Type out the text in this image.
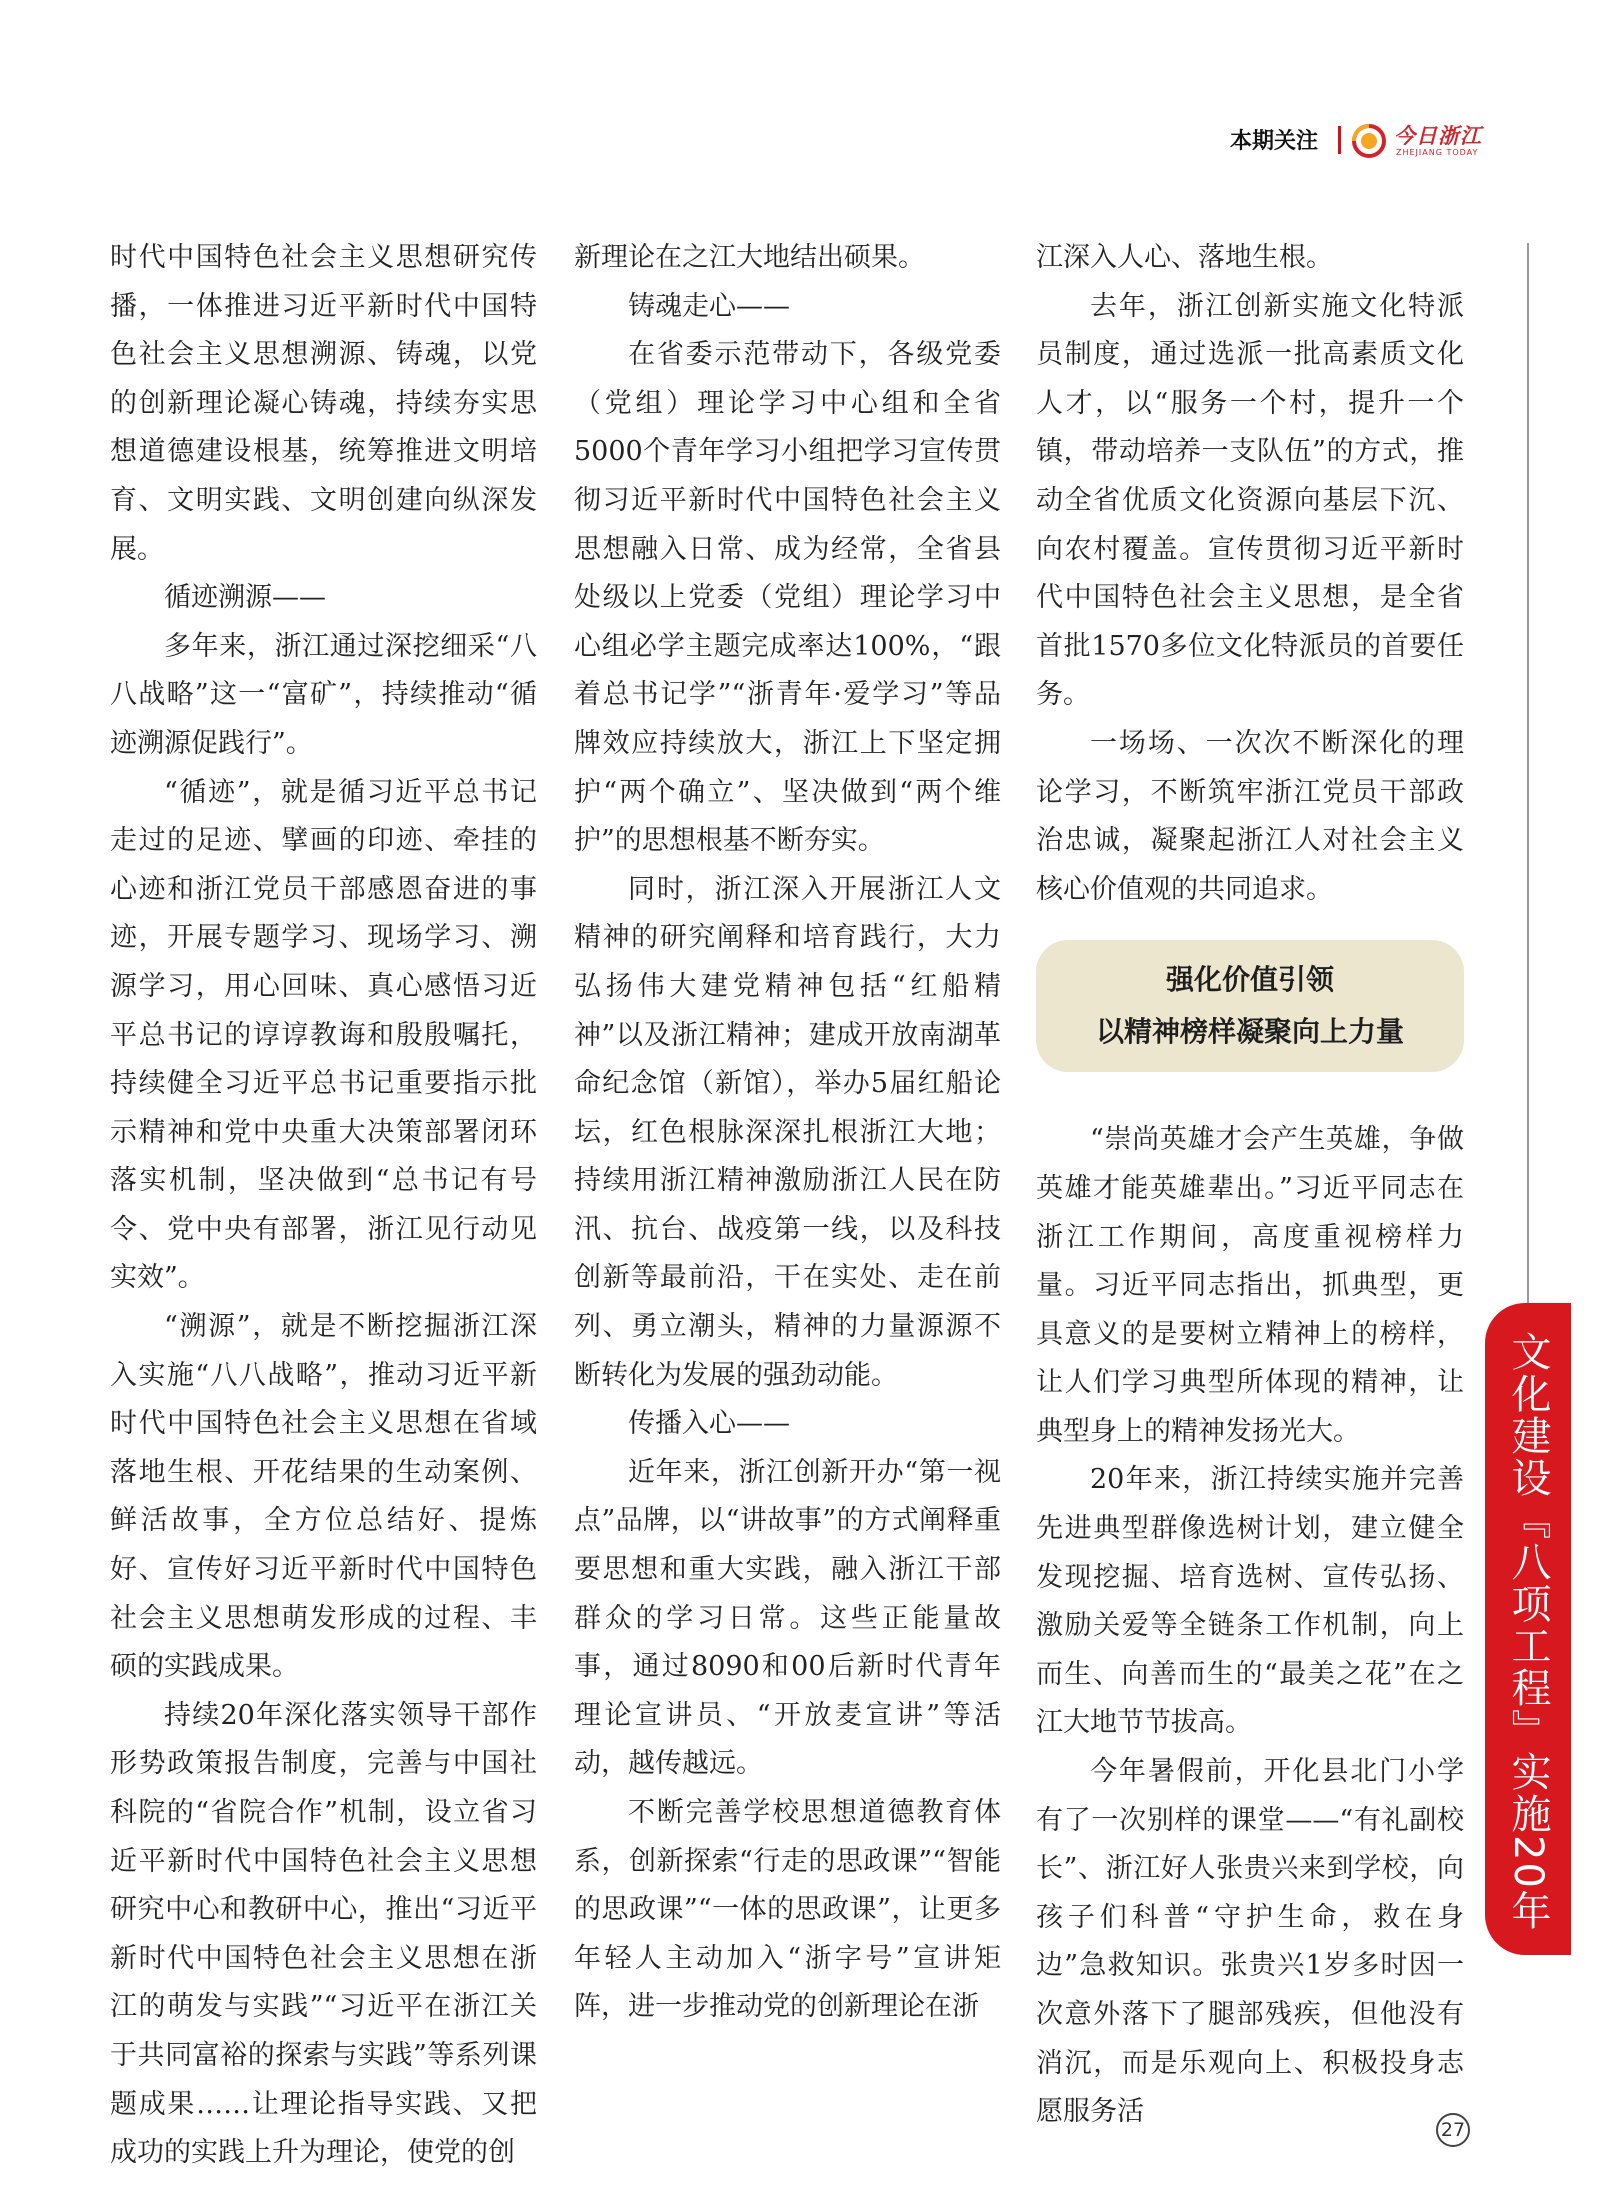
本期关注	今日浙江
ZHEJIANG TODAY

时代中国特色社会主义思想研究传播，一体推进习近平新时代中国特色社会主义思想溯源、铸魂，以党的创新理论凝心铸魂，持续夯实思想道德建设根基，统筹推进文明培育、文明实践、文明创建向纵深发展。

循迹溯源——

多年来，浙江通过深挖细采“八八战略”这一“富矿”，持续推动“循迹溯源促践行”。

“循迹”，就是循习近平总书记走过的足迹、擘画的印迹、牵挂的心迹和浙江党员干部感恩奋进的事迹，开展专题学习、现场学习、溯源学习，用心回味、真心感悟习近平总书记的谆谆教诲和殷殷嘱托，持续健全习近平总书记重要指示批示精神和党中央重大决策部署闭环落实机制，坚决做到“总书记有号令、党中央有部署，浙江见行动见实效”。

“溯源”，就是不断挖掘浙江深入实施“八八战略”，推动习近平新时代中国特色社会主义思想在省域落地生根、开花结果的生动案例、鲜活故事，全方位总结好、提炼好、宣传好习近平新时代中国特色社会主义思想萌发形成的过程、丰硕的实践成果。

持续20年深化落实领导干部作形势政策报告制度，完善与中国社科院的“省院合作”机制，设立省习近平新时代中国特色社会主义思想研究中心和教研中心，推出“习近平新时代中国特色社会主义思想在浙江的萌发与实践”“习近平在浙江关于共同富裕的探索与实践”等系列课题成果……让理论指导实践、又把成功的实践上升为理论，使党的创

新理论在之江大地结出硕果。

铸魂走心——

在省委示范带动下，各级党委（党组）理论学习中心组和全省5000个青年学习小组把学习宣传贯彻习近平新时代中国特色社会主义思想融入日常、成为经常，全省县处级以上党委（党组）理论学习中心组必学主题完成率达100%，“跟着总书记学”“浙青年·爱学习”等品牌效应持续放大，浙江上下坚定拥护“两个确立”、坚决做到“两个维护”的思想根基不断夯实。

同时，浙江深入开展浙江人文精神的研究阐释和培育践行，大力弘扬伟大建党精神包括“红船精神”以及浙江精神；建成开放南湖革命纪念馆（新馆），举办5届红船论坛，红色根脉深深扎根浙江大地；持续用浙江精神激励浙江人民在防汛、抗台、战疫第一线，以及科技创新等最前沿，干在实处、走在前列、勇立潮头，精神的力量源源不断转化为发展的强劲动能。

传播入心——

近年来，浙江创新开办“第一视点”品牌，以“讲故事”的方式阐释重要思想和重大实践，融入浙江干部群众的学习日常。这些正能量故事，通过8090和00后新时代青年理论宣讲员、“开放麦宣讲”等活动，越传越远。

不断完善学校思想道德教育体系，创新探索“行走的思政课”“智能的思政课”“一体的思政课”，让更多年轻人主动加入“浙字号”宣讲矩阵，进一步推动党的创新理论在浙

江深入人心、落地生根。

去年，浙江创新实施文化特派员制度，通过选派一批高素质文化人才，以“服务一个村，提升一个镇，带动培养一支队伍”的方式，推动全省优质文化资源向基层下沉、向农村覆盖。宣传贯彻习近平新时代中国特色社会主义思想，是全省首批1570多位文化特派员的首要任务。

一场场、一次次不断深化的理论学习，不断筑牢浙江党员干部政治忠诚，凝聚起浙江人对社会主义核心价值观的共同追求。

强化价值引领
以精神榜样凝聚向上力量

“崇尚英雄才会产生英雄，争做英雄才能英雄辈出。”习近平同志在浙江工作期间，高度重视榜样力量。习近平同志指出，抓典型，更具意义的是要树立精神上的榜样，让人们学习典型所体现的精神，让典型身上的精神发扬光大。

20年来，浙江持续实施并完善先进典型群像选树计划，建立健全发现挖掘、培育选树、宣传弘扬、激励关爱等全链条工作机制，向上而生、向善而生的“最美之花”在之江大地节节拔高。

今年暑假前，开化县北门小学有了一次别样的课堂——“有礼副校长”、浙江好人张贵兴来到学校，向孩子们科普“守护生命，救在身边”急救知识。张贵兴1岁多时因一次意外落下了腿部残疾，但他没有消沉，而是乐观向上、积极投身志愿服务活

文化建设『八项工程』实施20年
27
